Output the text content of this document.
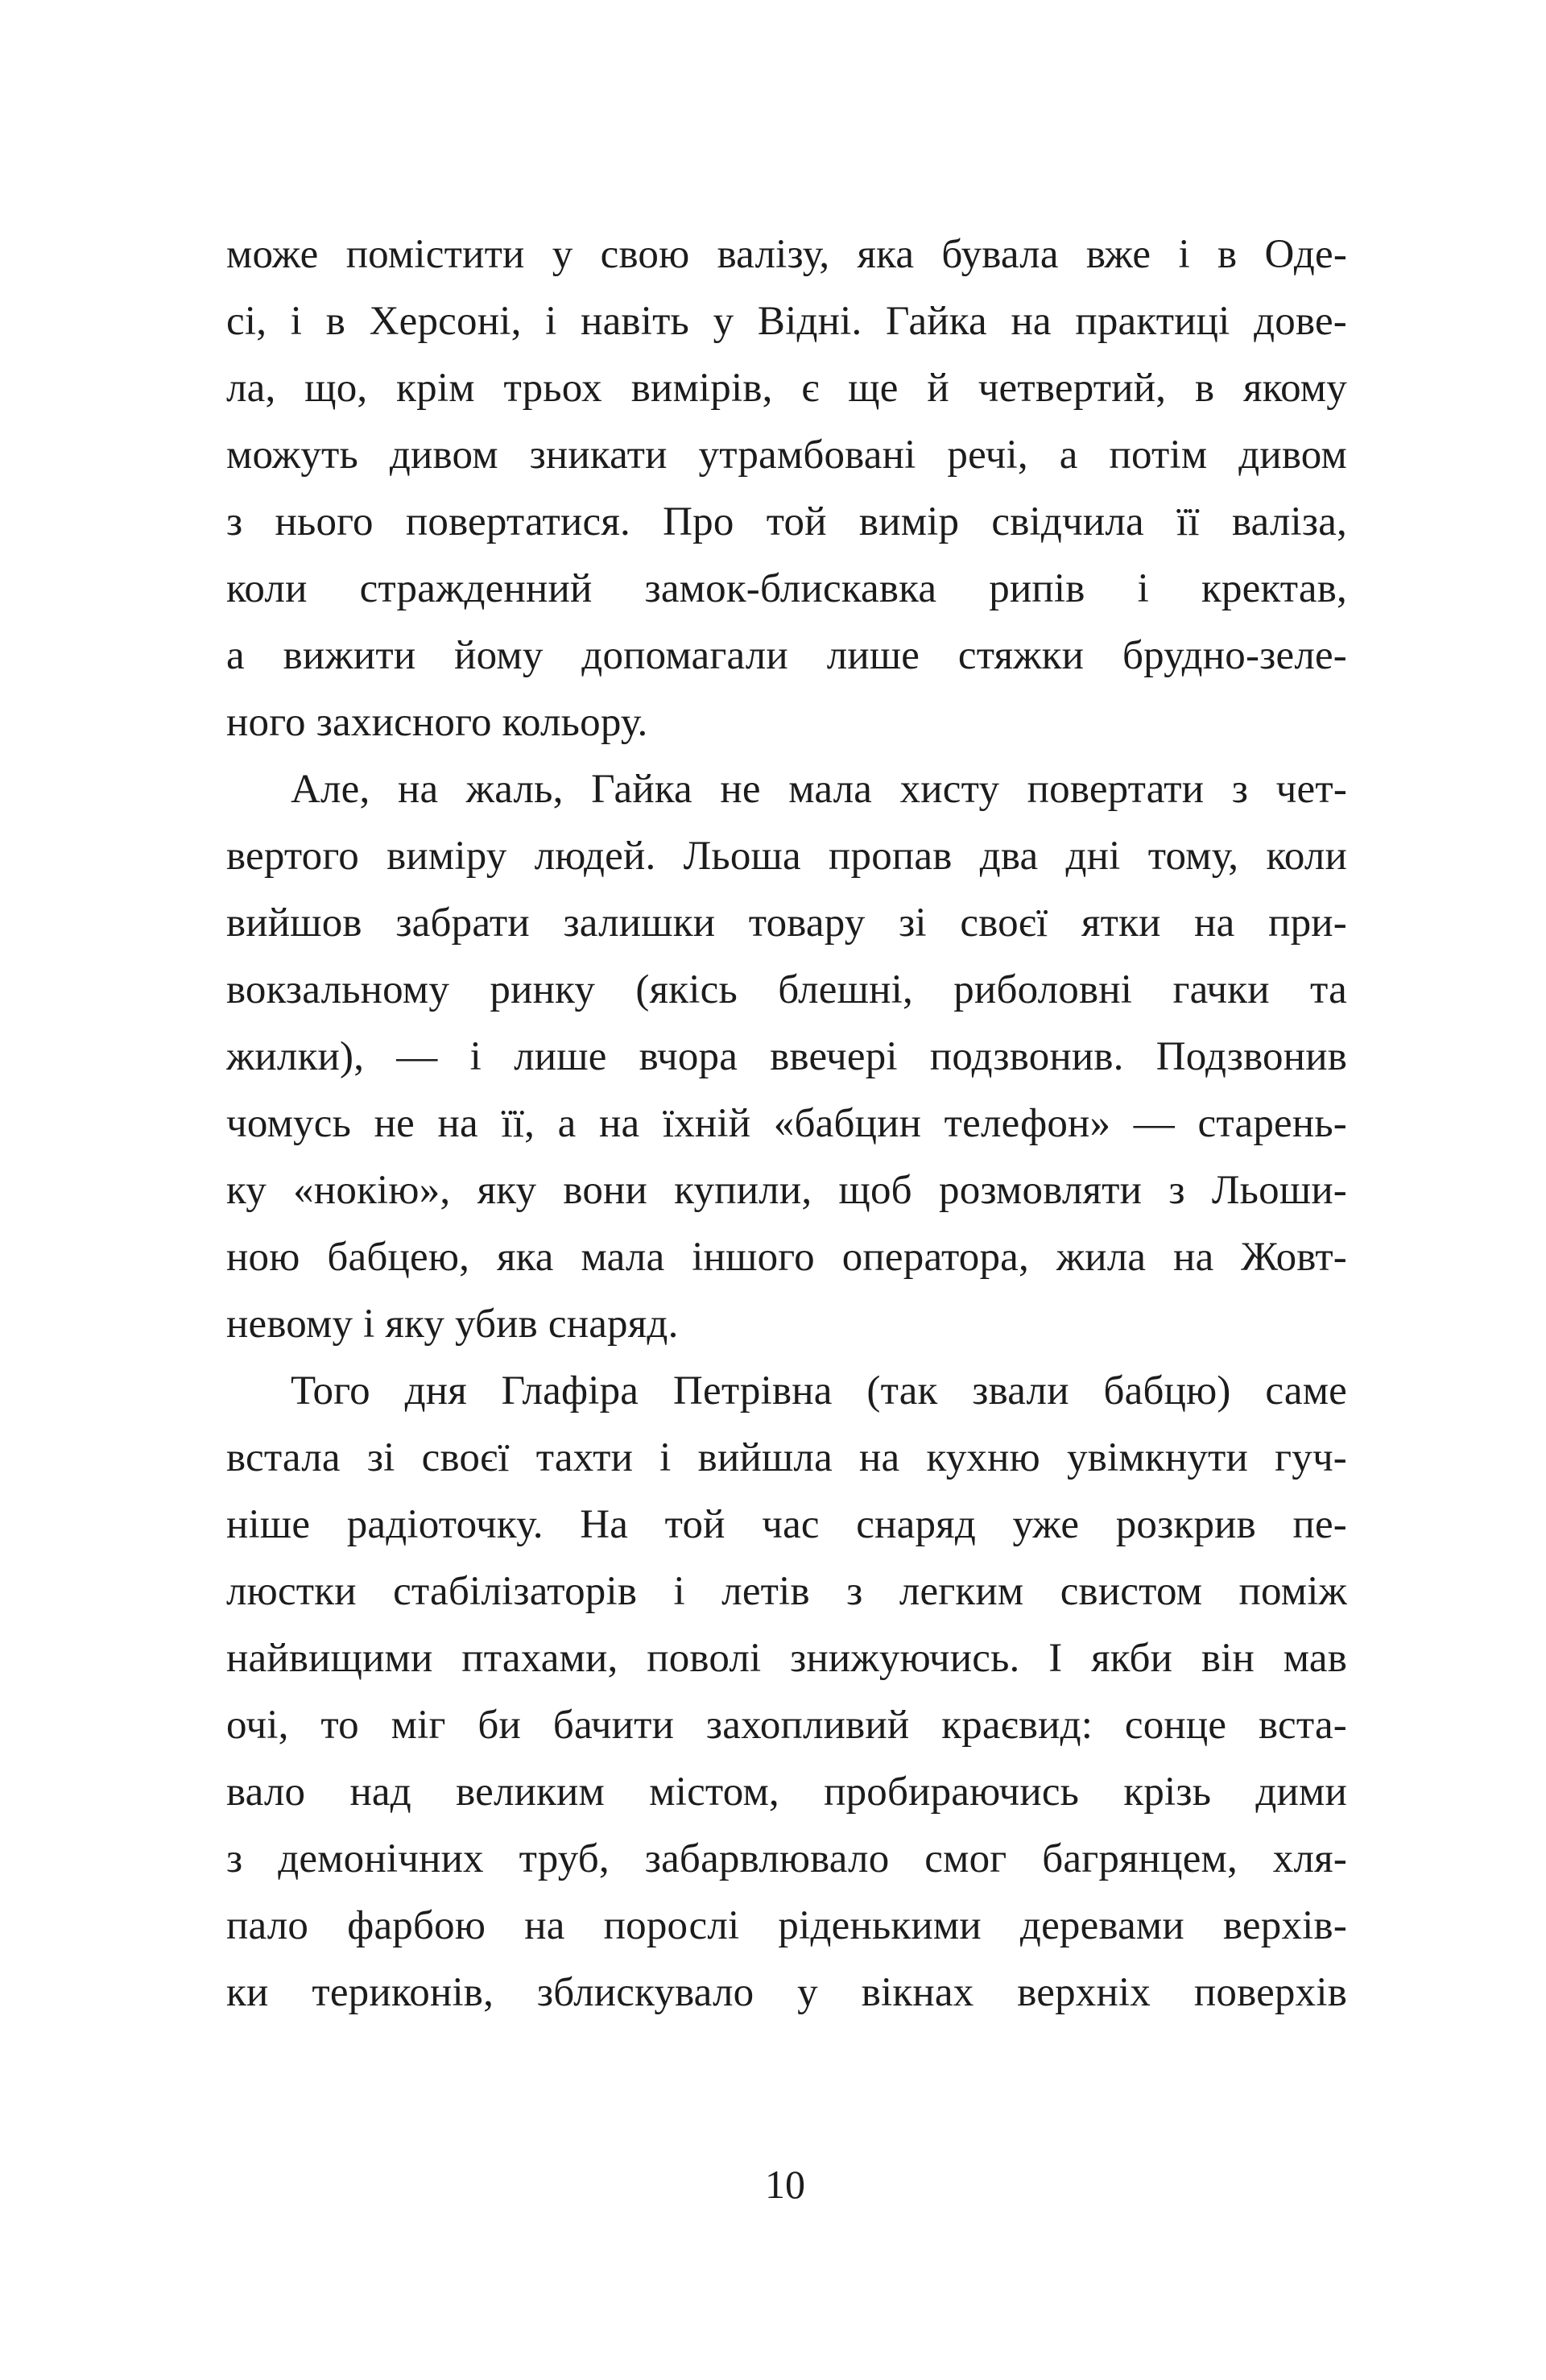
може помістити у свою валізу, яка бувала вже і в Оде-
сі, і в Херсоні, і навіть у Відні. Гайка на практиці дове-
ла, що, крім трьох вимірів, є ще й четвертий, в якому
можуть дивом зникати утрамбовані речі, а потім дивом
з нього повертатися. Про той вимір свідчила її валіза,
коли стражденний замок-блискавка рипів і кректав,
а вижити йому допомагали лише стяжки брудно-зеле-
ного захисного кольору.
Але, на жаль, Гайка не мала хисту повертати з чет-
вертого виміру людей. Льоша пропав два дні тому, коли
вийшов забрати залишки товару зі своєї ятки на при-
вокзальному ринку (якісь блешні, риболовні гачки та
жилки), — і лише вчора ввечері подзвонив. Подзвонив
чомусь не на її, а на їхній «бабцин телефон» — старень-
ку «нокію», яку вони купили, щоб розмовляти з Льоши-
ною бабцею, яка мала іншого оператора, жила на Жовт-
невому і яку убив снаряд.
Того дня Глафіра Петрівна (так звали бабцю) саме
встала зі своєї тахти і вийшла на кухню увімкнути гуч-
ніше радіоточку. На той час снаряд уже розкрив пе-
люстки стабілізаторів і летів з легким свистом поміж
найвищими птахами, поволі знижуючись. І якби він мав
очі, то міг би бачити захопливий краєвид: сонце вста-
вало над великим містом, пробираючись крізь дими
з демонічних труб, забарвлювало смог багрянцем, хля-
пало фарбою на порослі ріденькими деревами верхів-
ки териконів, зблискувало у вікнах верхніх поверхів
10
